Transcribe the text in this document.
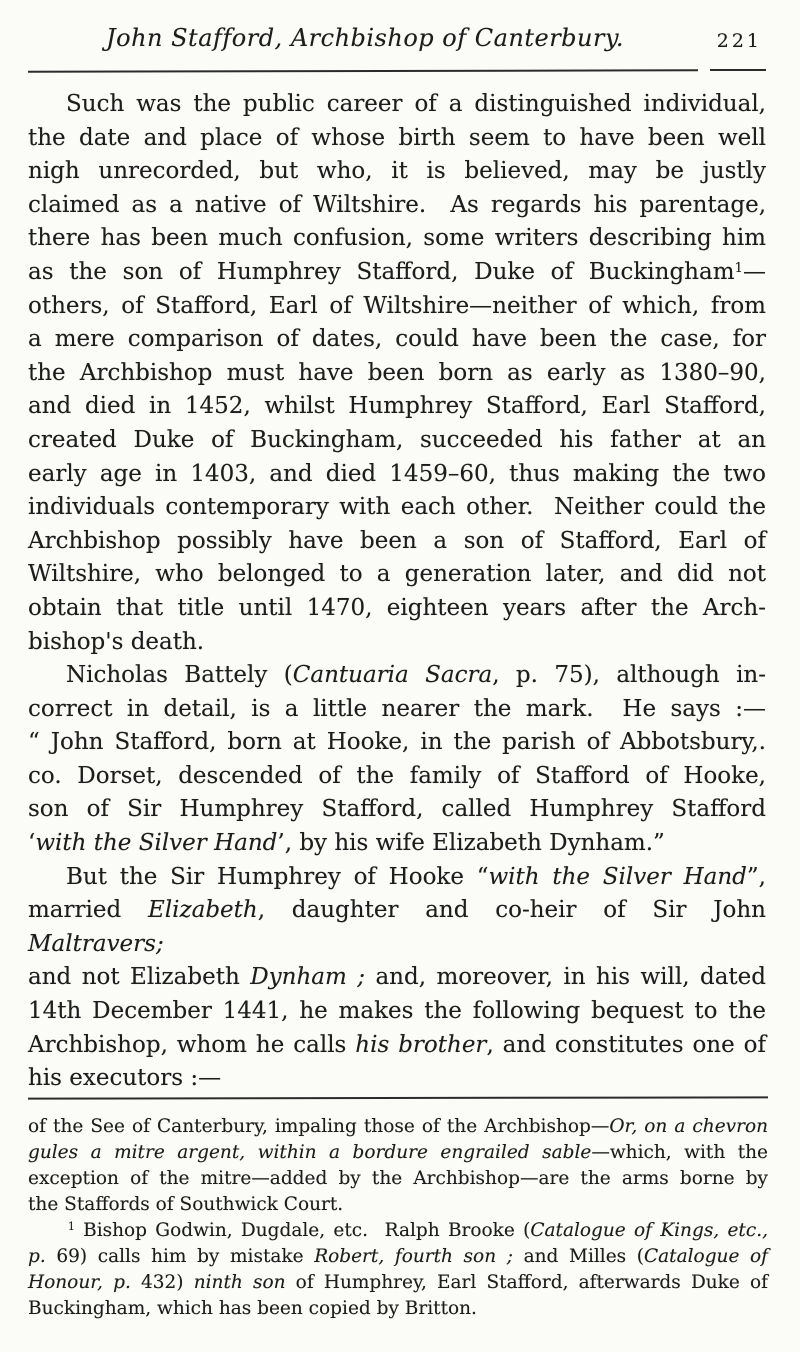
John Stafford, Archbishop of Canterbury.	221
Such was the public career of a distinguished individual,
the date and place of whose birth seem to have been well
nigh unrecorded, but who, it is believed, may be justly
claimed as a native of Wiltshire.  As regards his parentage,
there has been much confusion, some writers describing him
as the son of Humphrey Stafford, Duke of Buckingham$^1$—
others, of Stafford, Earl of Wiltshire—neither of which, from
a mere comparison of dates, could have been the case, for
the Archbishop must have been born as early as 1380–90,
and died in 1452, whilst Humphrey Stafford, Earl Stafford,
created Duke of Buckingham, succeeded his father at an
early age in 1403, and died 1459–60, thus making the two
individuals contemporary with each other.  Neither could the
Archbishop possibly have been a son of Stafford, Earl of
Wiltshire, who belonged to a generation later, and did not
obtain that title until 1470, eighteen years after the Arch-
bishop's death.
Nicholas Battely (Cantuaria Sacra, p. 75), although in-
correct in detail, is a little nearer the mark.  He says :—
“ John Stafford, born at Hooke, in the parish of Abbotsbury,.
co. Dorset, descended of the family of Stafford of Hooke,
son of Sir Humphrey Stafford, called Humphrey Stafford
‘with the Silver Hand’, by his wife Elizabeth Dynham.”
But the Sir Humphrey of Hooke “with the Silver Hand”,
married Elizabeth, daughter and co-heir of Sir John Maltravers;
and not Elizabeth Dynham ; and, moreover, in his will, dated
14th December 1441, he makes the following bequest to the
Archbishop, whom he calls his brother, and constitutes one of
his executors :—
of the See of Canterbury, impaling those of the Archbishop—Or, on a chevron
gules a mitre argent, within a bordure engrailed sable—which, with the
exception of the mitre—added by the Archbishop—are the arms borne by
the Staffords of Southwick Court.
$^1$ Bishop Godwin, Dugdale, etc.  Ralph Brooke (Catalogue of Kings, etc.,
p. 69) calls him by mistake Robert, fourth son ; and Milles (Catalogue of
Honour, p. 432) ninth son of Humphrey, Earl Stafford, afterwards Duke of
Buckingham, which has been copied by Britton.
